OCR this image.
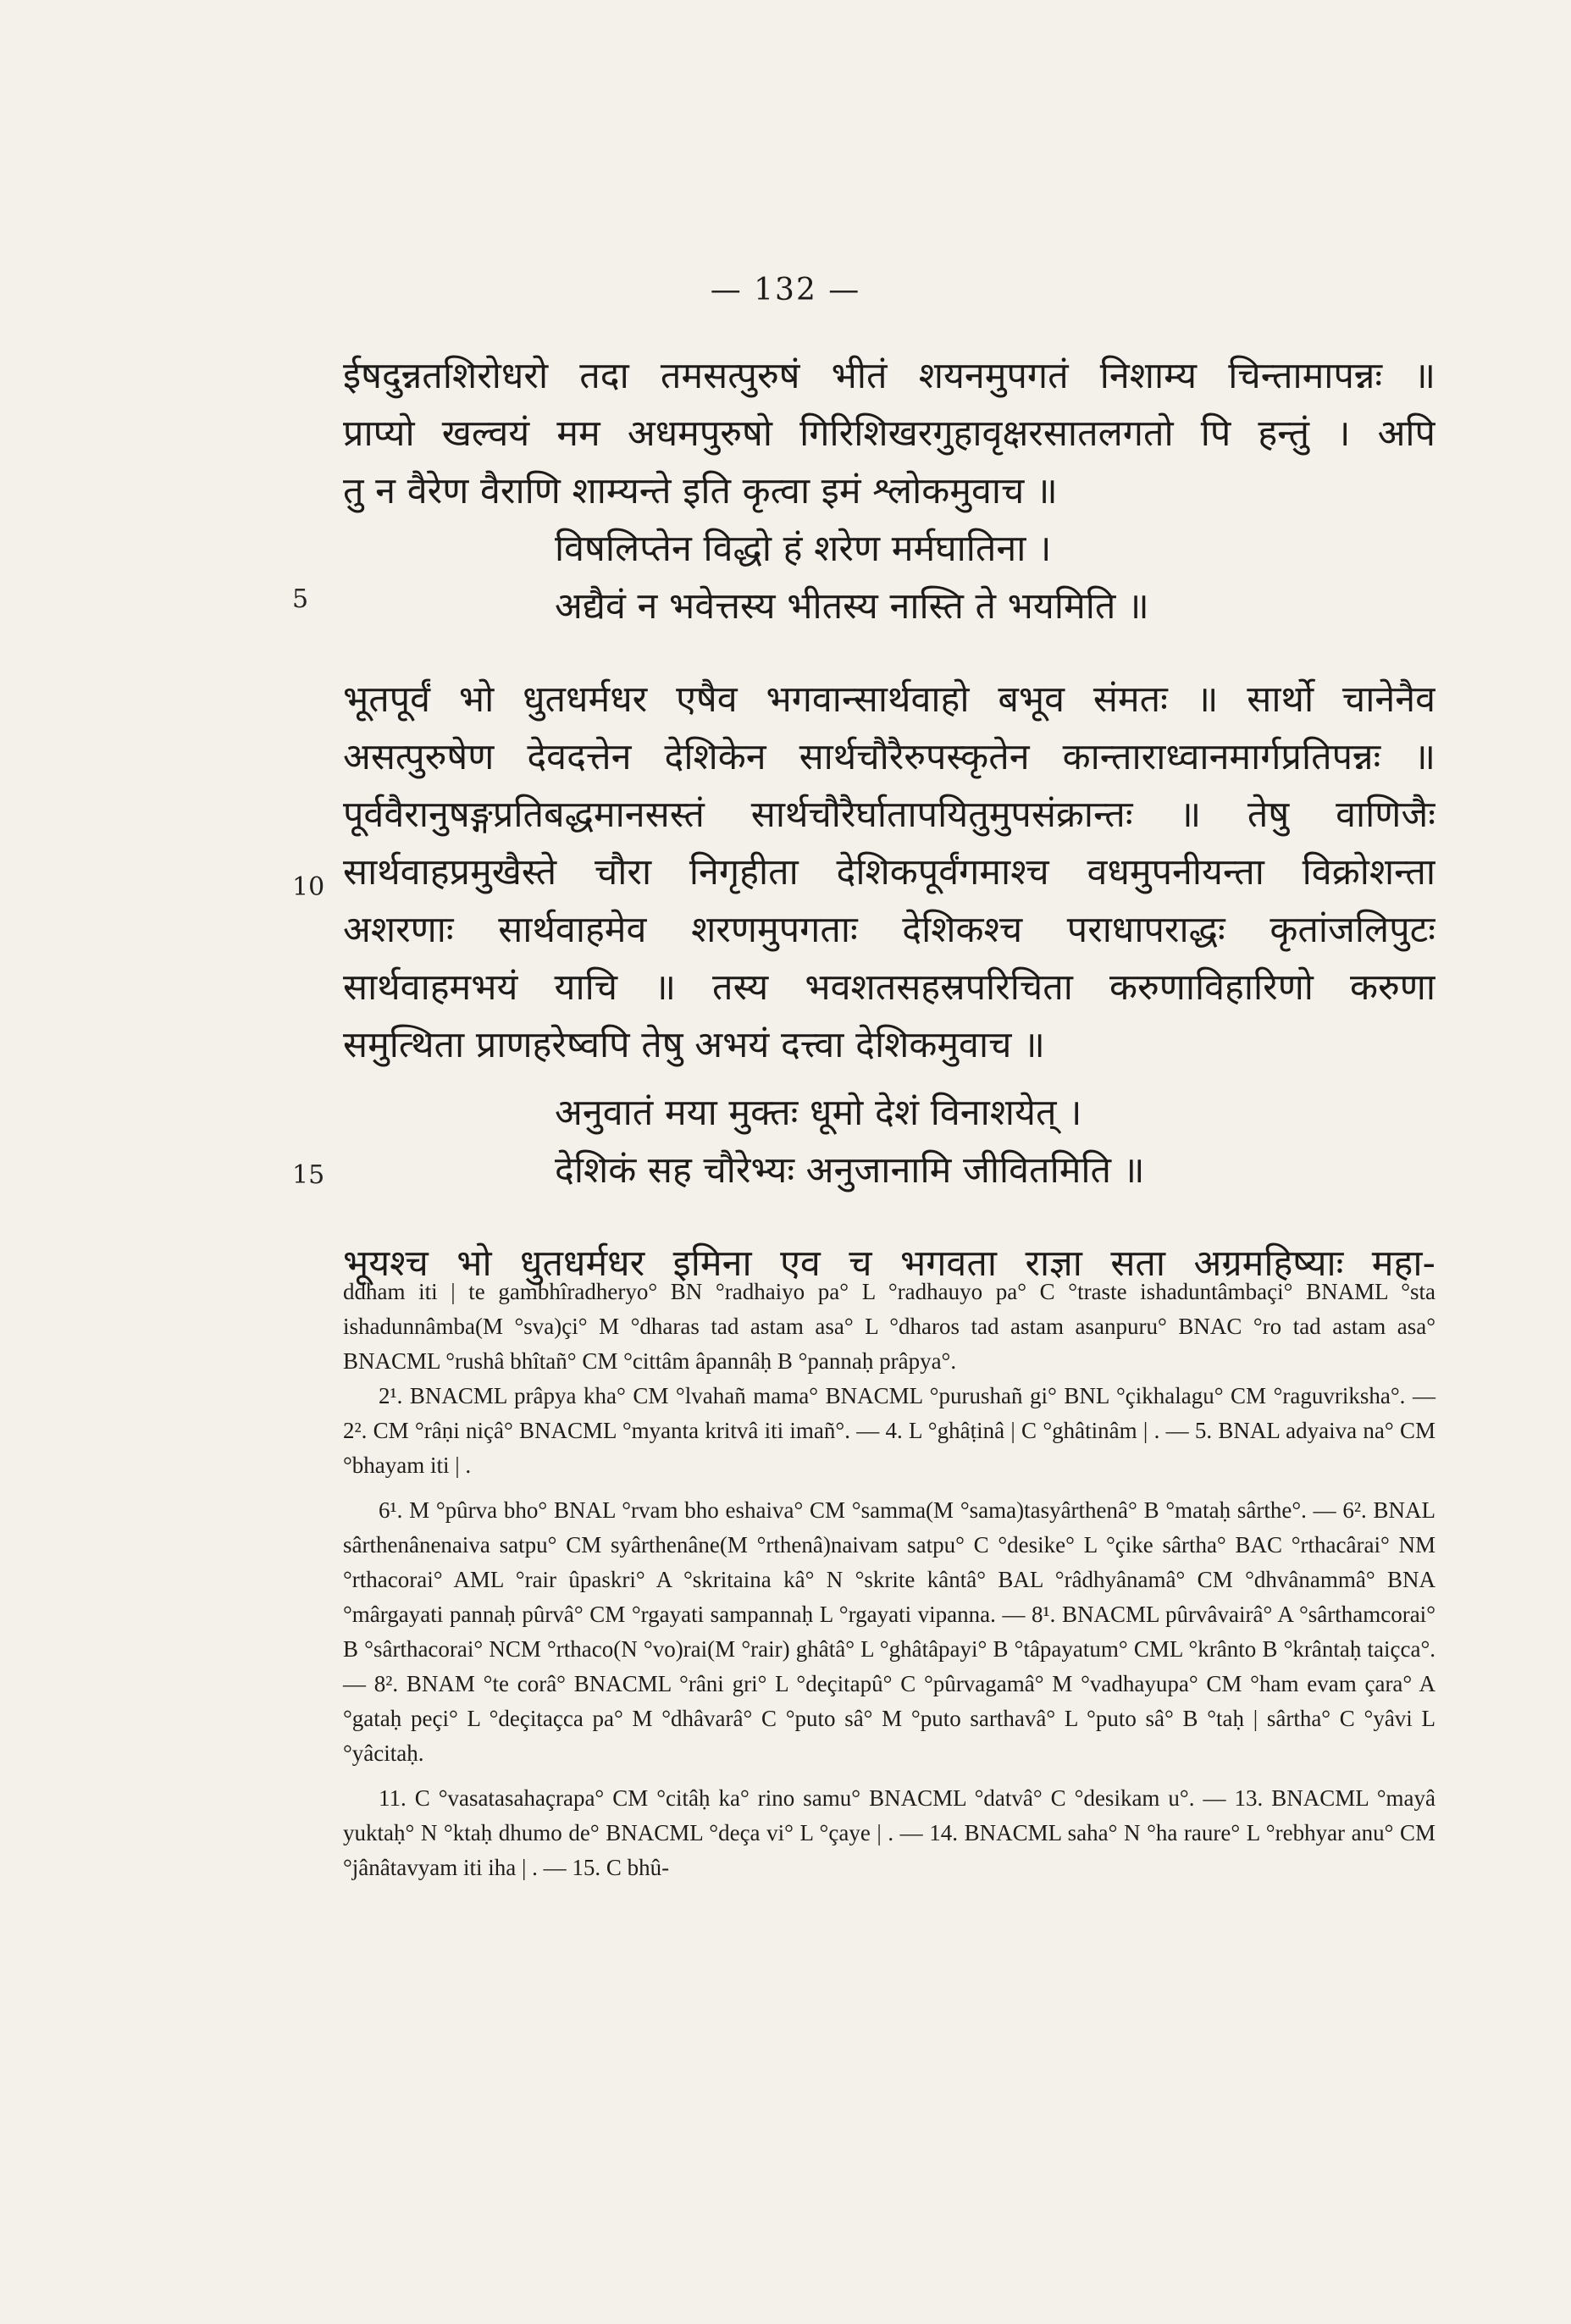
— 132 —
ईषदुन्नतशिरोधरो तदा तमसत्पुरुषं भीतं शयनमुपगतं निशाम्य चिन्तामापन्नः ॥
प्राप्यो खल्वयं मम अधमपुरुषो गिरिशिखरगुहावृक्षरसातलगतो पि हन्तुं । अपि
तु न वैरेण वैराणि शाम्यन्ते इति कृत्वा इमं श्लोकमुवाच ॥
विषलिप्तेन विद्धो हं शरेण मर्मघातिना ।
अद्यैवं न भवेत्तस्य भीतस्य नास्ति ते भयमिति ॥
भूतपूर्वं भो धुतधर्मधर एषैव भगवान्सार्थवाहो बभूव संमतः ॥ सार्थो चानेनैव
असत्पुरुषेण देवदत्तेन देशिकेन सार्थचौरैरुपस्कृतेन कान्ताराध्वानमार्गप्रतिपन्नः ॥
पूर्ववैरानुषङ्गप्रतिबद्धमानसस्तं सार्थचौरैर्घातापयितुमुपसंक्रान्तः ॥ तेषु वाणिजैः
सार्थवाहप्रमुखैस्ते चौरा निगृहीता देशिकपूर्वंगमाश्च वधमुपनीयन्ता विक्रोशन्ता
अशरणाः सार्थवाहमेव शरणमुपगताः देशिकश्च पराधापराद्धः कृतांजलिपुटः
सार्थवाहमभयं याचि ॥ तस्य भवशतसहस्रपरिचिता करुणाविहारिणो करुणा
समुत्थिता प्राणहरेष्वपि तेषु अभयं दत्त्वा देशिकमुवाच ॥
अनुवातं मया मुक्तः धूमो देशं विनाशयेत् ।
देशिकं सह चौरेभ्यः अनुजानामि जीवितमिति ॥
भूयश्च भो धुतधर्मधर इमिना एव च भगवता राज्ञा सता अग्रमहिष्याः महा-
5
10
15

ddham iti | te gambhîradheryo° BN °radhaiyo pa° L °radhauyo pa° C °traste ishaduntâmbaçi° BNAML °sta ishadunnâmba(M °sva)çi° M °dharas tad astam asa° L °dharos tad astam asanpuru° BNAC °ro tad astam asa° BNACML °rushâ bhîtañ° CM °cittâm âpannâḥ B °pannaḥ prâpya°.

2¹. BNACML prâpya kha° CM °lvahañ mama° BNACML °purushañ gi° BNL °çikhalagu° CM °raguvriksha°. — 2². CM °râṇi niçâ° BNACML °myanta kritvâ iti imañ°. — 4. L °ghâṭinâ | C °ghâtinâm | . — 5. BNAL adyaiva na° CM °bhayam iti | .

6¹. M °pûrva bho° BNAL °rvam bho eshaiva° CM °samma(M °sama)tasyârthenâ° B °mataḥ sârthe°. — 6². BNAL sârthenânenaiva satpu° CM syârthenâne(M °rthenâ)naivam satpu° C °desike° L °çike sârtha° BAC °rthacârai° NM °rthacorai° AML °rair ûpaskri° A °skritaina kâ° N °skrite kântâ° BAL °râdhyânamâ° CM °dhvânammâ° BNA °mârgayati pannaḥ pûrvâ° CM °rgayati sampannaḥ L °rgayati vipanna. — 8¹. BNACML pûrvâvairâ° A °sârthamcorai° B °sârthacorai° NCM °rthaco(N °vo)rai(M °rair) ghâtâ° L °ghâtâpayi° B °tâpayatum° CML °krânto B °krântaḥ taiçca°. — 8². BNAM °te corâ° BNACML °râni gri° L °deçitapû° C °pûrvagamâ° M °vadhayupa° CM °ham evam çara° A °gataḥ peçi° L °deçitaçca pa° M °dhâvarâ° C °puto sâ° M °puto sarthavâ° L °puto sâ° B °taḥ | sârtha° C °yâvi L °yâcitaḥ.

11. C °vasatasahaçrapa° CM °citâḥ ka° rino samu° BNACML °datvâ° C °desikam u°. — 13. BNACML °mayâ yuktaḥ° N °ktaḥ dhumo de° BNACML °deça vi° L °çaye | . — 14. BNACML saha° N °ha raure° L °rebhyar anu° CM °jânâtavyam iti iha | . — 15. C bhû-
